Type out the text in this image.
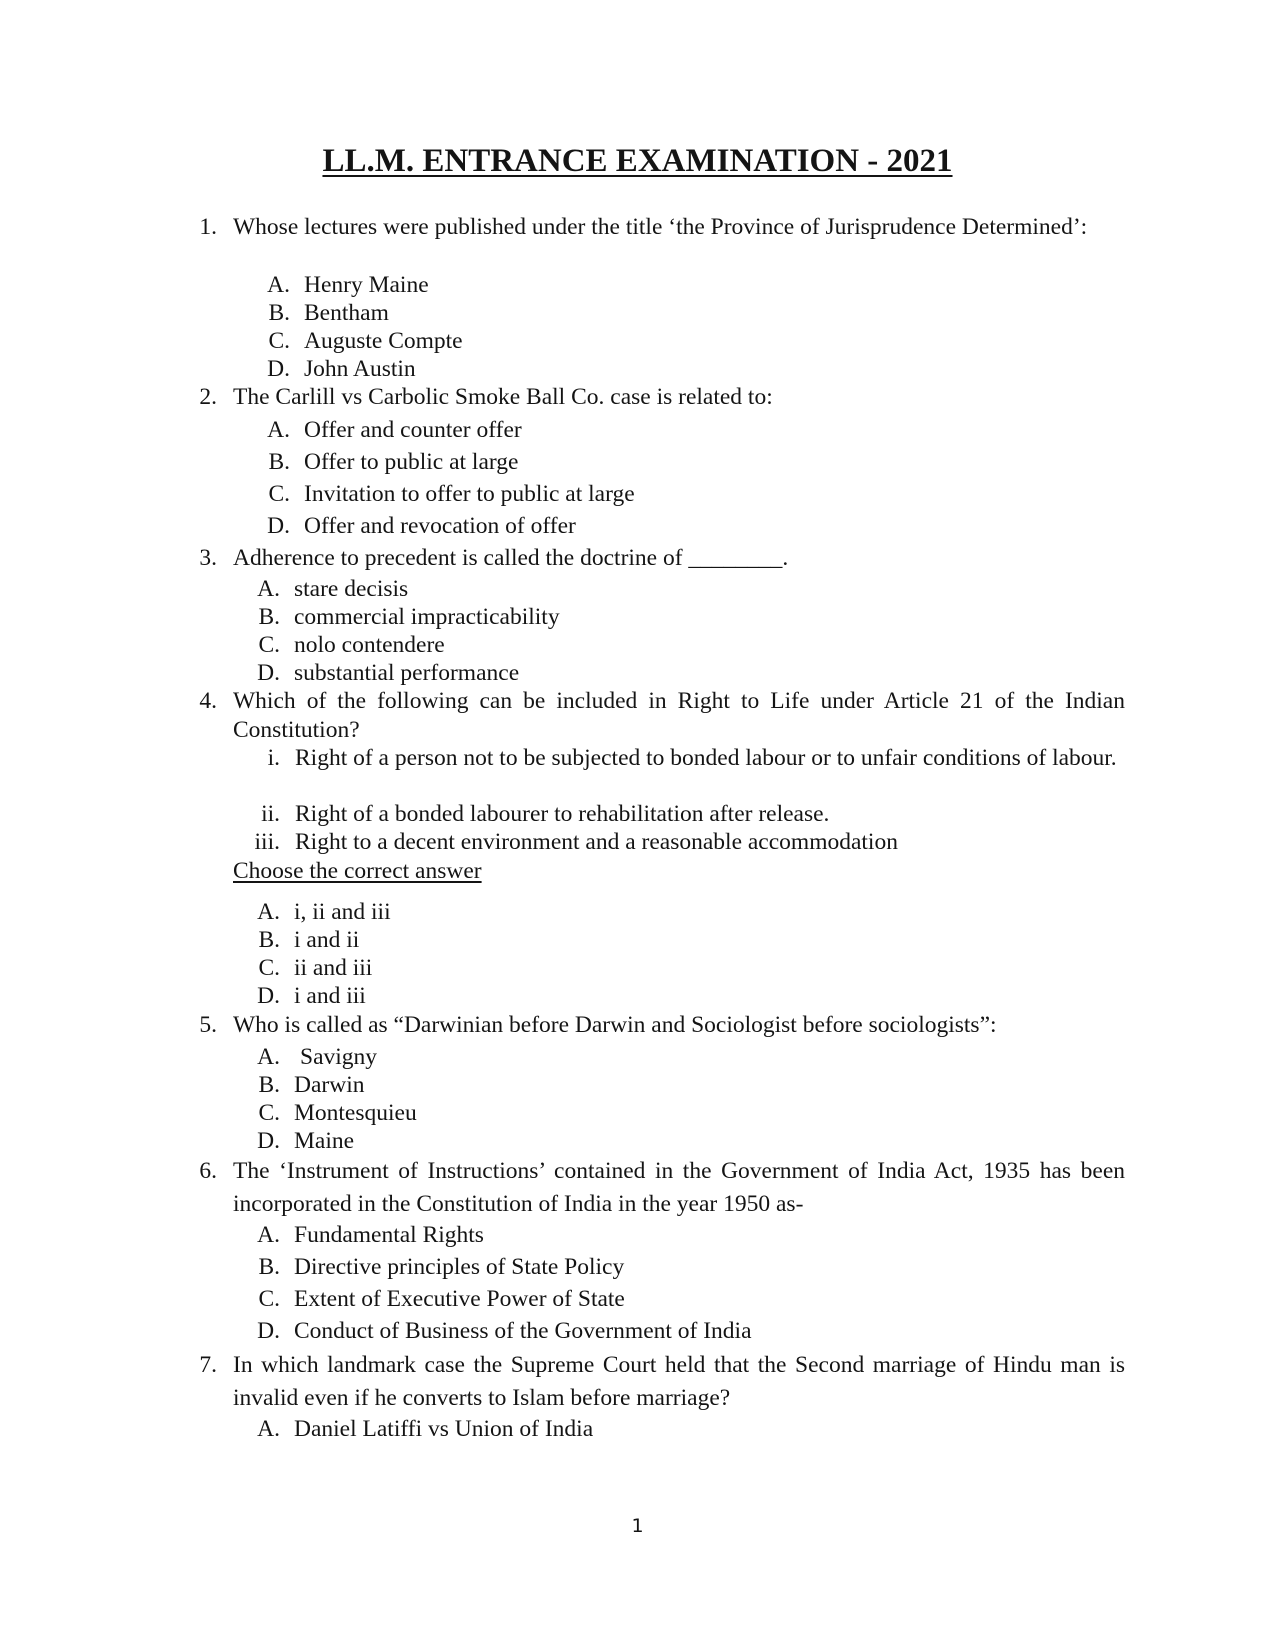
LL.M. ENTRANCE EXAMINATION - 2021
1. Whose lectures were published under the title ‘the Province of Jurisprudence Determined’:
A. Henry Maine
B. Bentham
C. Auguste Compte
D. John Austin
2. The Carlill vs Carbolic Smoke Ball Co. case is related to:
A. Offer and counter offer
B. Offer to public at large
C. Invitation to offer to public at large
D. Offer and revocation of offer
3. Adherence to precedent is called the doctrine of ________.
A. stare decisis
B. commercial impracticability
C. nolo contendere
D. substantial performance
4. Which of the following can be included in Right to Life under Article 21 of the Indian Constitution?
i. Right of a person not to be subjected to bonded labour or to unfair conditions of labour.
ii. Right of a bonded labourer to rehabilitation after release.
iii. Right to a decent environment and a reasonable accommodation
Choose the correct answer
A. i, ii and iii
B. i and ii
C. ii and iii
D. i and iii
5. Who is called as “Darwinian before Darwin and Sociologist before sociologists”:
A. Savigny
B. Darwin
C. Montesquieu
D. Maine
6. The ‘Instrument of Instructions’ contained in the Government of India Act, 1935 has been incorporated in the Constitution of India in the year 1950 as-
A. Fundamental Rights
B. Directive principles of State Policy
C. Extent of Executive Power of State
D. Conduct of Business of the Government of India
7. In which landmark case the Supreme Court held that the Second marriage of Hindu man is invalid even if he converts to Islam before marriage?
A. Daniel Latiffi vs Union of India
1
